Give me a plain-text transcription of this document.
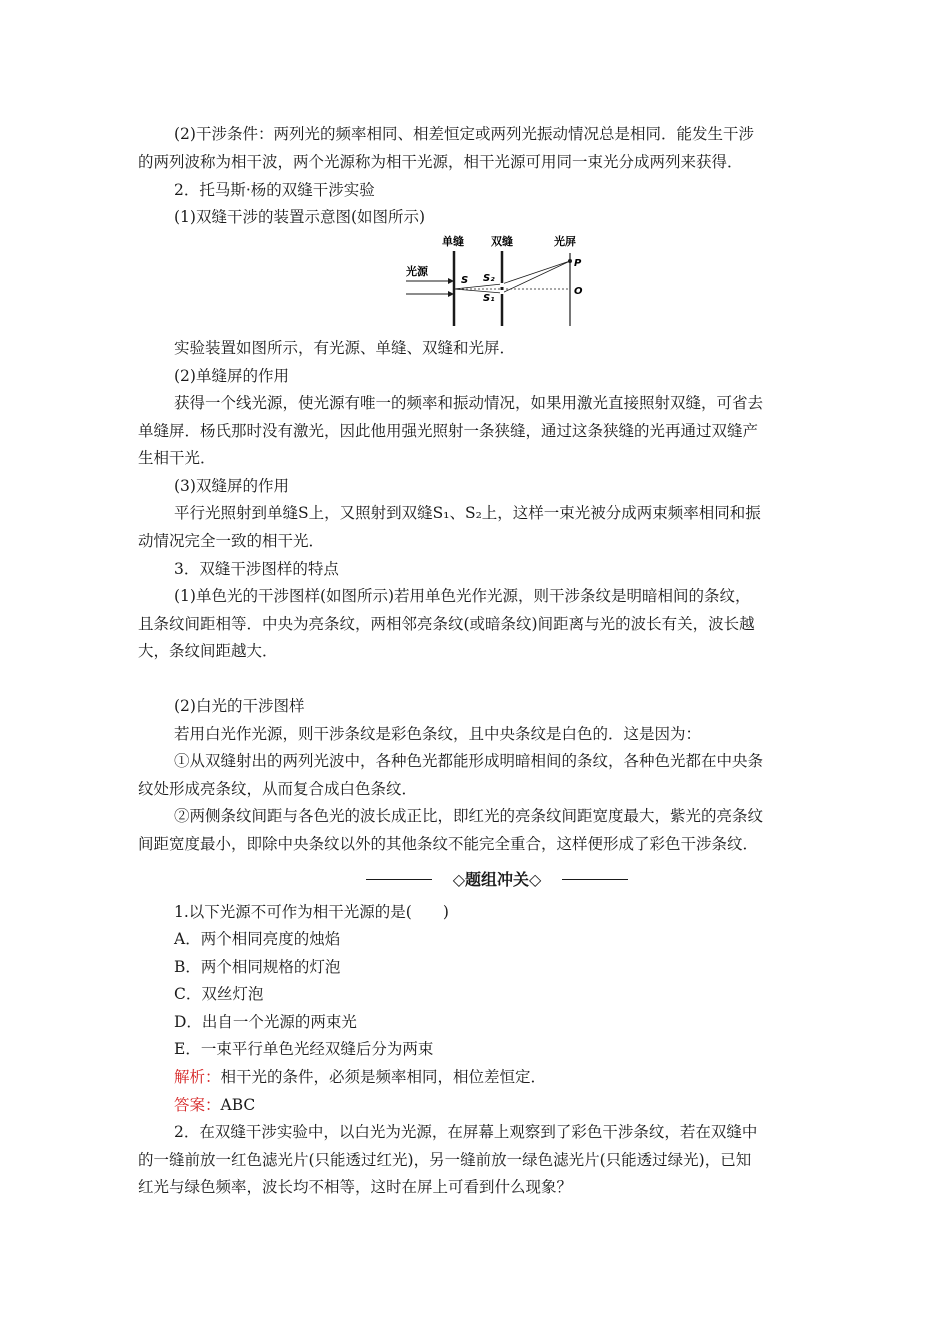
(2)干涉条件：两列光的频率相同、相差恒定或两列光振动情况总是相同．能发生干涉
的两列波称为相干波，两个光源称为相干光源，相干光源可用同一束光分成两列来获得．
2．托马斯·杨的双缝干涉实验
(1)双缝干涉的装置示意图(如图所示)
单缝 双缝	光屏
光源
S S₂
S₁
P
O
实验装置如图所示，有光源、单缝、双缝和光屏．
(2)单缝屏的作用
获得一个线光源，使光源有唯一的频率和振动情况，如果用激光直接照射双缝，可省去
单缝屏．杨氏那时没有激光，因此他用强光照射一条狭缝，通过这条狭缝的光再通过双缝产
生相干光．
(3)双缝屏的作用
平行光照射到单缝S上，又照射到双缝S₁、S₂上，这样一束光被分成两束频率相同和振
动情况完全一致的相干光．
3．双缝干涉图样的特点
(1)单色光的干涉图样(如图所示)若用单色光作光源，则干涉条纹是明暗相间的条纹，
且条纹间距相等．中央为亮条纹，两相邻亮条纹(或暗条纹)间距离与光的波长有关，波长越
大，条纹间距越大．
(2)白光的干涉图样
若用白光作光源，则干涉条纹是彩色条纹，且中央条纹是白色的．这是因为：
①从双缝射出的两列光波中，各种色光都能形成明暗相间的条纹，各种色光都在中央条
纹处形成亮条纹，从而复合成白色条纹．
②两侧条纹间距与各色光的波长成正比，即红光的亮条纹间距宽度最大，紫光的亮条纹
间距宽度最小，即除中央条纹以外的其他条纹不能完全重合，这样便形成了彩色干涉条纹．
◇题组冲关◇
1.以下光源不可作为相干光源的是(　　)
A．两个相同亮度的烛焰
B．两个相同规格的灯泡
C．双丝灯泡
D．出自一个光源的两束光
E．一束平行单色光经双缝后分为两束
解析：相干光的条件，必须是频率相同，相位差恒定．
答案：ABC
2．在双缝干涉实验中，以白光为光源，在屏幕上观察到了彩色干涉条纹，若在双缝中
的一缝前放一红色滤光片(只能透过红光)，另一缝前放一绿色滤光片(只能透过绿光)，已知
红光与绿色频率，波长均不相等，这时在屏上可看到什么现象？
